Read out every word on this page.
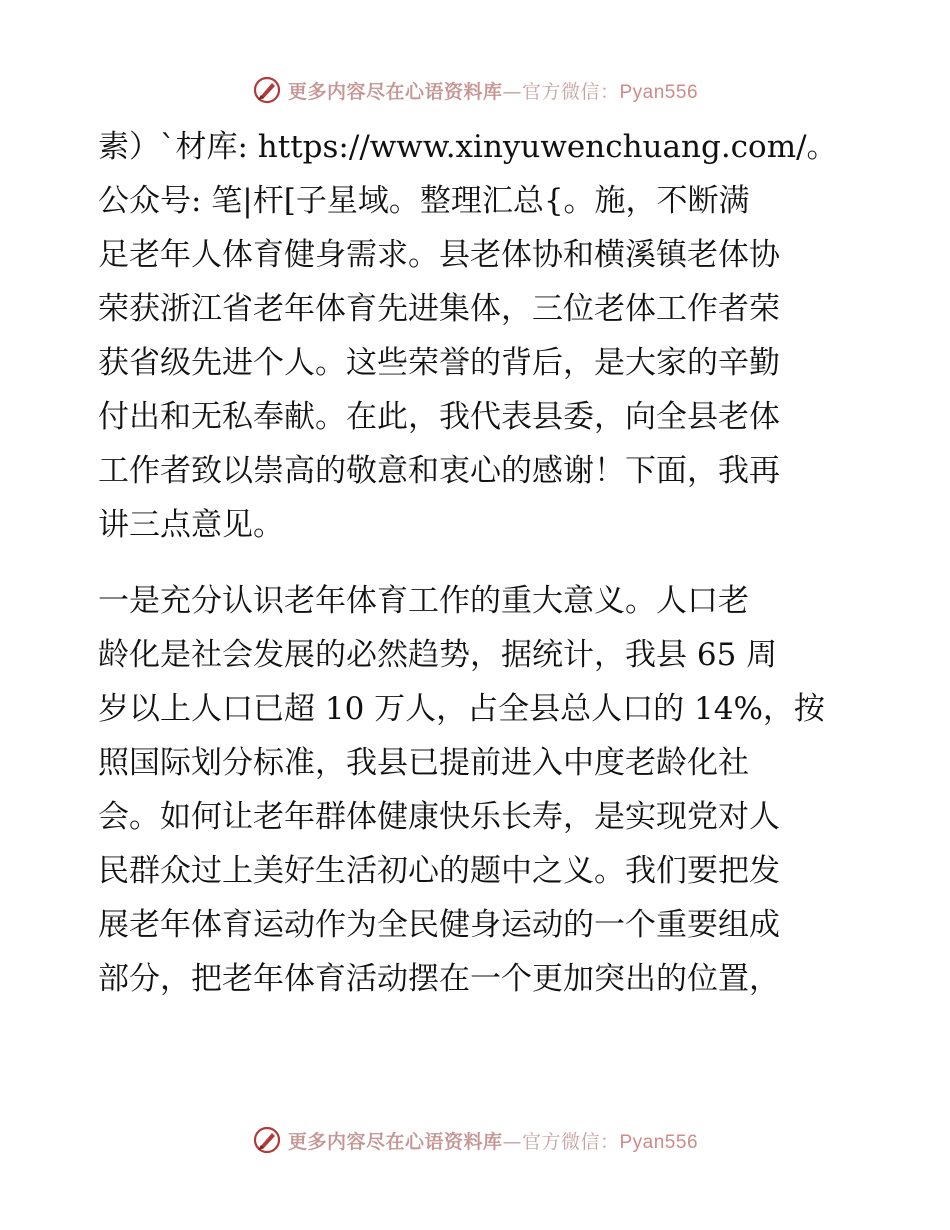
更多内容尽在心语资料库—官方微信：Pyan556
素）`材库: https://www.xinyuwenchuang.com/。
公众号: 笔|杆[子星域。整理汇总{。施，不断满
足老年人体育健身需求。县老体协和横溪镇老体协
荣获浙江省老年体育先进集体，三位老体工作者荣
获省级先进个人。这些荣誉的背后，是大家的辛勤
付出和无私奉献。在此，我代表县委，向全县老体
工作者致以崇高的敬意和衷心的感谢！下面，我再
讲三点意见。
一是充分认识老年体育工作的重大意义。人口老
龄化是社会发展的必然趋势，据统计，我县 65 周
岁以上人口已超 10 万人，占全县总人口的 14%，按
照国际划分标准，我县已提前进入中度老龄化社
会。如何让老年群体健康快乐长寿，是实现党对人
民群众过上美好生活初心的题中之义。我们要把发
展老年体育运动作为全民健身运动的一个重要组成
部分，把老年体育活动摆在一个更加突出的位置，
更多内容尽在心语资料库—官方微信：Pyan556
